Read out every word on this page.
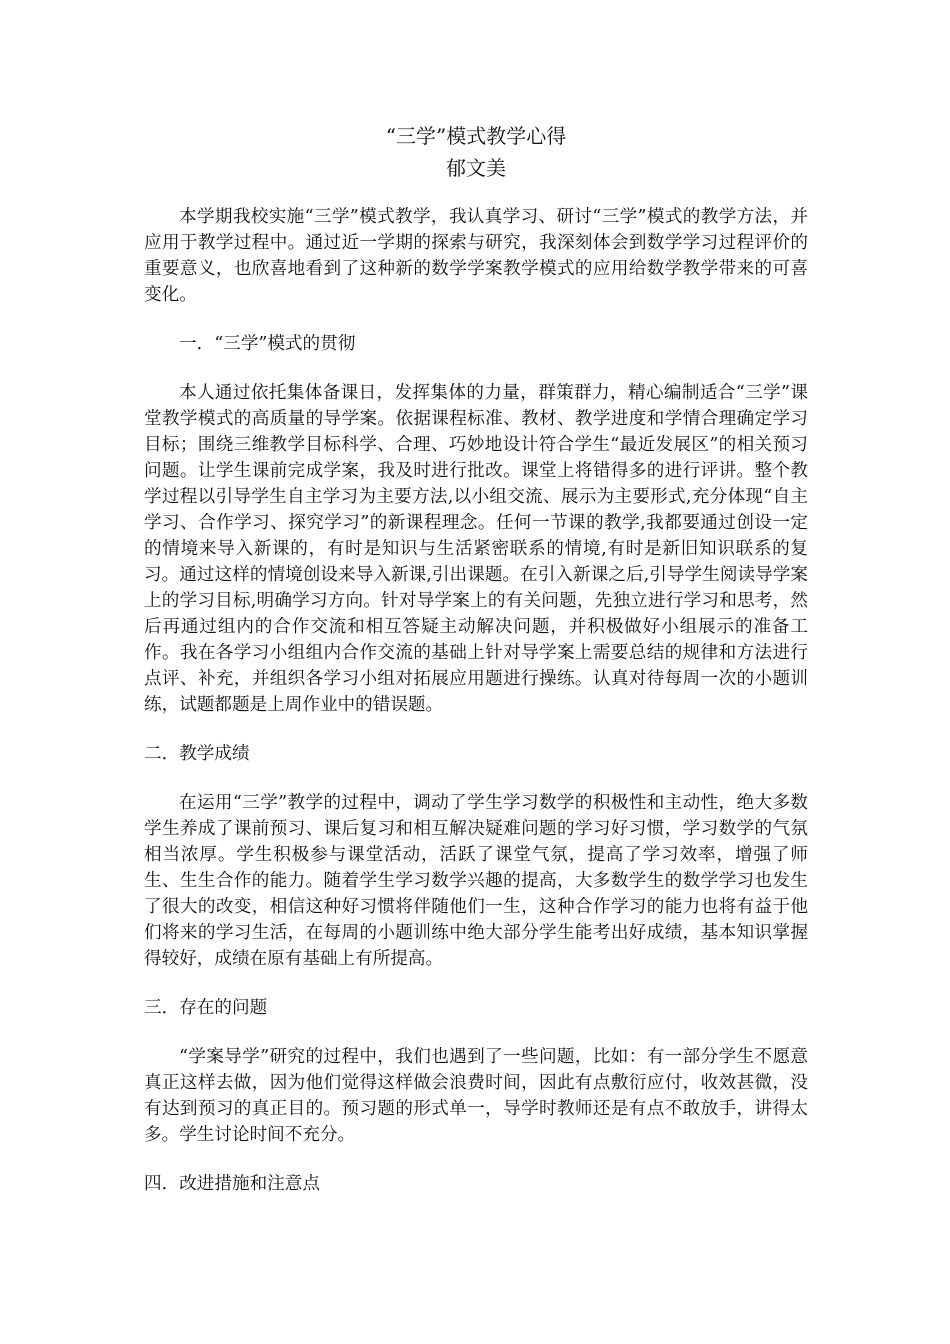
“三学”模式教学心得
郁文美

本学期我校实施“三学”模式教学，我认真学习、研讨“三学”模式的教学方法，并应用于教学过程中。通过近一学期的探索与研究，我深刻体会到数学学习过程评价的重要意义，也欣喜地看到了这种新的数学学案教学模式的应用给数学教学带来的可喜变化。

一．“三学”模式的贯彻

本人通过依托集体备课日，发挥集体的力量，群策群力，精心编制适合“三学”课堂教学模式的高质量的导学案。依据课程标准、教材、教学进度和学情合理确定学习目标；围绕三维教学目标科学、合理、巧妙地设计符合学生“最近发展区”的相关预习问题。让学生课前完成学案，我及时进行批改。课堂上将错得多的进行评讲。整个教学过程以引导学生自主学习为主要方法,以小组交流、展示为主要形式,充分体现“自主学习、合作学习、探究学习”的新课程理念。任何一节课的教学,我都要通过创设一定的情境来导入新课的，有时是知识与生活紧密联系的情境,有时是新旧知识联系的复习。通过这样的情境创设来导入新课,引出课题。在引入新课之后,引导学生阅读导学案上的学习目标,明确学习方向。针对导学案上的有关问题，先独立进行学习和思考，然后再通过组内的合作交流和相互答疑主动解决问题，并积极做好小组展示的准备工作。我在各学习小组组内合作交流的基础上针对导学案上需要总结的规律和方法进行点评、补充，并组织各学习小组对拓展应用题进行操练。认真对待每周一次的小题训练，试题都题是上周作业中的错误题。

二．教学成绩

在运用“三学”教学的过程中，调动了学生学习数学的积极性和主动性，绝大多数学生养成了课前预习、课后复习和相互解决疑难问题的学习好习惯，学习数学的气氛相当浓厚。学生积极参与课堂活动，活跃了课堂气氛，提高了学习效率，增强了师生、生生合作的能力。随着学生学习数学兴趣的提高，大多数学生的数学学习也发生了很大的改变，相信这种好习惯将伴随他们一生，这种合作学习的能力也将有益于他们将来的学习生活，在每周的小题训练中绝大部分学生能考出好成绩，基本知识掌握得较好，成绩在原有基础上有所提高。

三．存在的问题

“学案导学”研究的过程中，我们也遇到了一些问题，比如：有一部分学生不愿意真正这样去做，因为他们觉得这样做会浪费时间，因此有点敷衍应付，收效甚微，没有达到预习的真正目的。预习题的形式单一，导学时教师还是有点不敢放手，讲得太多。学生讨论时间不充分。

四．改进措施和注意点
